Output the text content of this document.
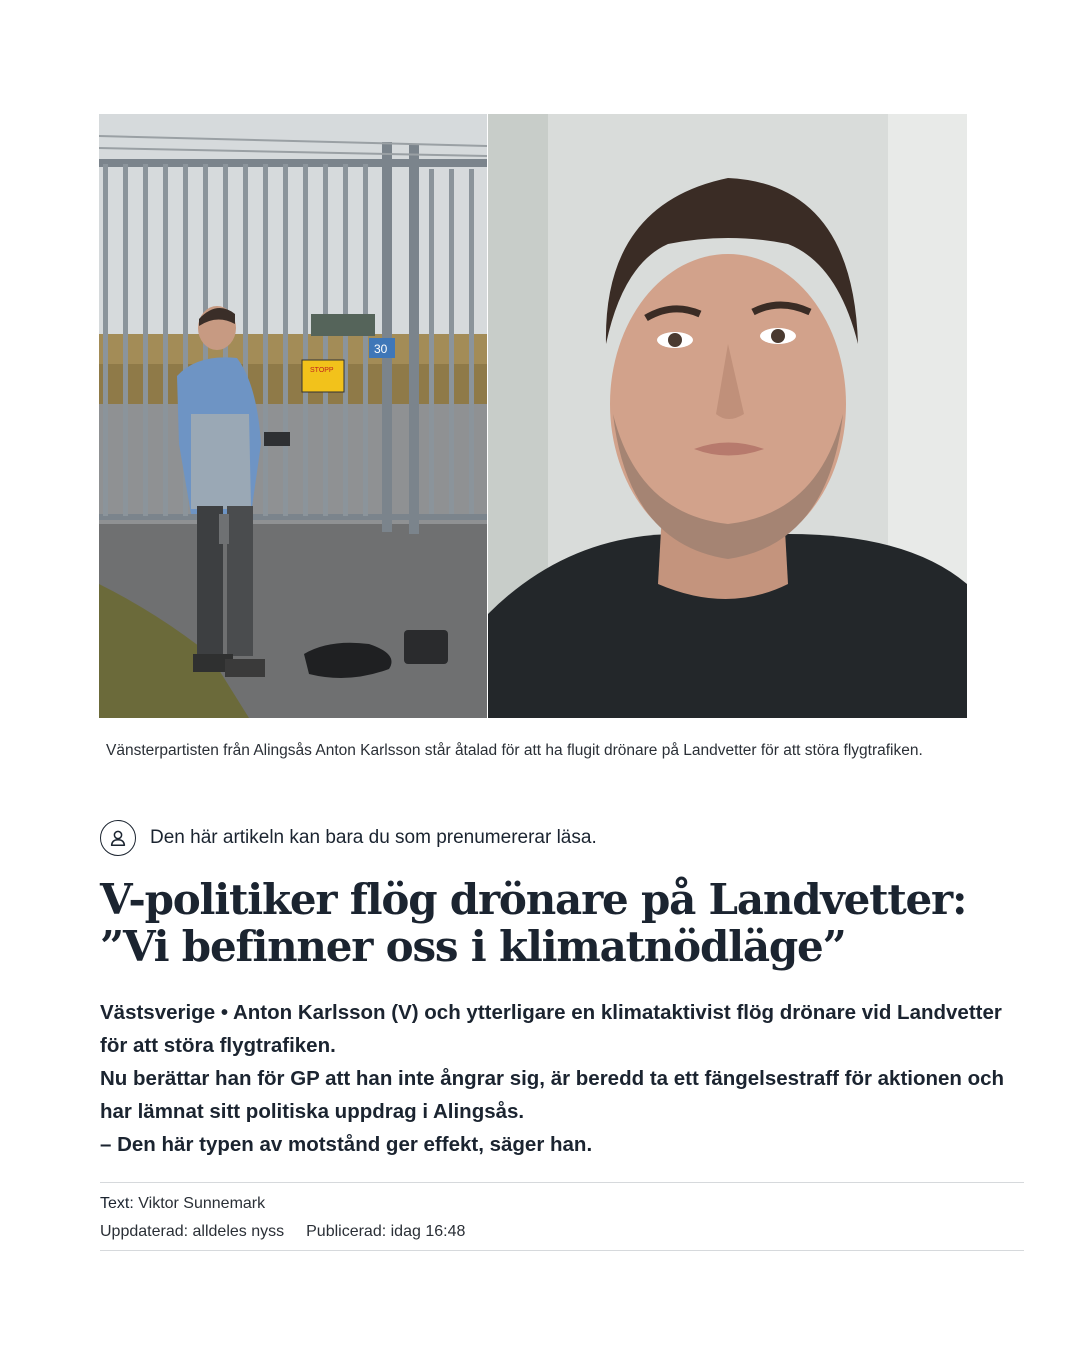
30
STOPP
Vänsterpartisten från Alingsås Anton Karlsson står åtalad för att ha flugit drönare på Landvetter för att störa flygtrafiken.
Den här artikeln kan bara du som prenumererar läsa.
V-politiker flög drönare på Landvetter: ”Vi befinner oss i klimatnödläge”

Västsverige • Anton Karlsson (V) och ytterligare en klimataktivist flög drönare vid Landvetter för att störa flygtrafiken.

Nu berättar han för GP att han inte ångrar sig, är beredd ta ett fängelsestraff för aktionen och har lämnat sitt politiska uppdrag i Alingsås.

– Den här typen av motstånd ger effekt, säger han.

Text:
Viktor Sunnemark
Uppdaterad:
alldeles nyss Publicerad:
idag 16:48
